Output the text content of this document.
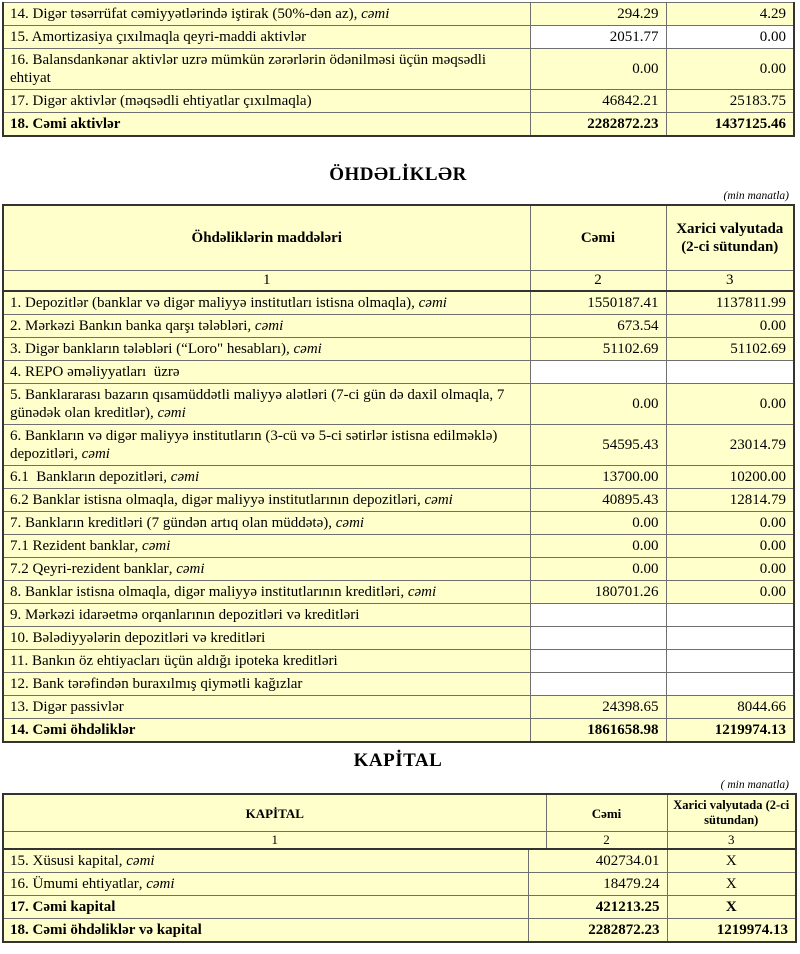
14. Digər təsərrüfat cəmiyyətlərində iştirak (50%-dən az), cəmi	294.29	4.29
15. Amortizasiya çıxılmaqla qeyri-maddi aktivlər	2051.77	0.00
16. Balansdankənar aktivlər uzrə mümkün zərərlərin ödənilməsi üçün məqsədli ehtiyat	0.00	0.00
17. Digər aktivlər (məqsədli ehtiyatlar çıxılmaqla)	46842.21	25183.75
18. Cəmi aktivlər	2282872.23	1437125.46
ÖHDƏLİKLƏR
(min manatla)
Öhdəliklərin maddələri	Cəmi	Xarici valyutada (2-ci sütundan)
1	2	3
1. Depozitlər (banklar və digər maliyyə institutları istisna olmaqla), cəmi	1550187.41	1137811.99
2. Mərkəzi Bankın banka qarşı tələbləri, cəmi	673.54	0.00
3. Digər bankların tələbləri (“Loro" hesabları), cəmi	51102.69	51102.69
4. REPO əməliyyatları  üzrə		
5. Banklararası bazarın qısamüddətli maliyyə alətləri (7-ci gün də daxil olmaqla, 7 günədək olan kreditlər), cəmi	0.00	0.00
6. Bankların və digər maliyyə institutların (3-cü və 5-ci sətirlər istisna edilməklə) depozitləri, cəmi	54595.43	23014.79
6.1  Bankların depozitləri, cəmi	13700.00	10200.00
6.2 Banklar istisna olmaqla, digər maliyyə institutlarının depozitləri, cəmi	40895.43	12814.79
7. Bankların kreditləri (7 gündən artıq olan müddətə), cəmi	0.00	0.00
7.1 Rezident banklar, cəmi	0.00	0.00
7.2 Qeyri-rezident banklar, cəmi	0.00	0.00
8. Banklar istisna olmaqla, digər maliyyə institutlarının kreditləri, cəmi	180701.26	0.00
9. Mərkəzi idarəetmə orqanlarının depozitləri və kreditləri		
10. Bələdiyyələrin depozitləri və kreditləri		
11. Bankın öz ehtiyacları üçün aldığı ipoteka kreditləri		
12. Bank tərəfindən buraxılmış qiymətli kağızlar		
13. Digər passivlər	24398.65	8044.66
14. Cəmi öhdəliklər	1861658.98	1219974.13
KAPİTAL
( min manatla)
KAPİTAL	Cəmi	Xarici valyutada (2-ci sütundan)
1	2	3
15. Xüsusi kapital, cəmi	402734.01	X
16. Ümumi ehtiyatlar, cəmi	18479.24	X
17. Cəmi kapital	421213.25	X
18. Cəmi öhdəliklər və kapital	2282872.23	1219974.13
